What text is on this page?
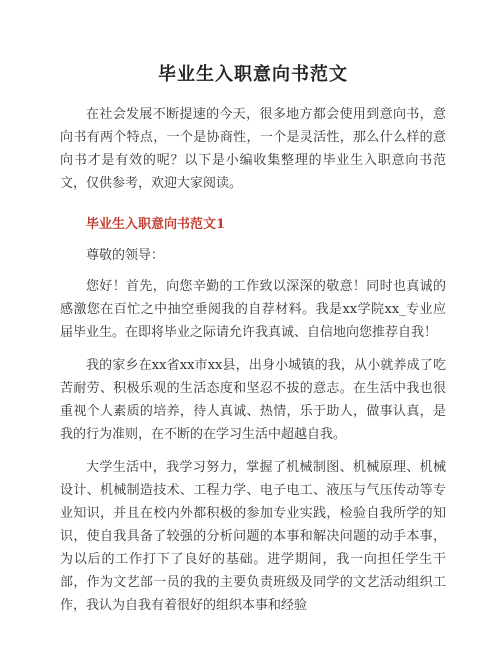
毕业生入职意向书范文

在社会发展不断提速的今天，很多地方都会使用到意向书，意向书有两个特点，一个是协商性，一个是灵活性，那么什么样的意向书才是有效的呢？以下是小编收集整理的毕业生入职意向书范文，仅供参考，欢迎大家阅读。

毕业生入职意向书范文1

尊敬的领导：

您好！首先，向您辛勤的工作致以深深的敬意！同时也真诚的感激您在百忙之中抽空垂阅我的自荐材料。我是xx学院xx_专业应届毕业生。在即将毕业之际请允许我真诚、自信地向您推荐自我！

我的家乡在xx省xx市xx县，出身小城镇的我，从小就养成了吃苦耐劳、积极乐观的生活态度和坚忍不拔的意志。在生活中我也很重视个人素质的培养，待人真诚、热情，乐于助人，做事认真，是我的行为准则，在不断的在学习生活中超越自我。

大学生活中，我学习努力，掌握了机械制图、机械原理、机械设计、机械制造技术、工程力学、电子电工、液压与气压传动等专业知识，并且在校内外都积极的参加专业实践，检验自我所学的知识，使自我具备了较强的分析问题的本事和解决问题的动手本事，为以后的工作打下了良好的基础。进学期间，我一向担任学生干部，作为文艺部一员的我的主要负责班级及同学的文艺活动组织工作，我认为自我有着很好的组织本事和经验
